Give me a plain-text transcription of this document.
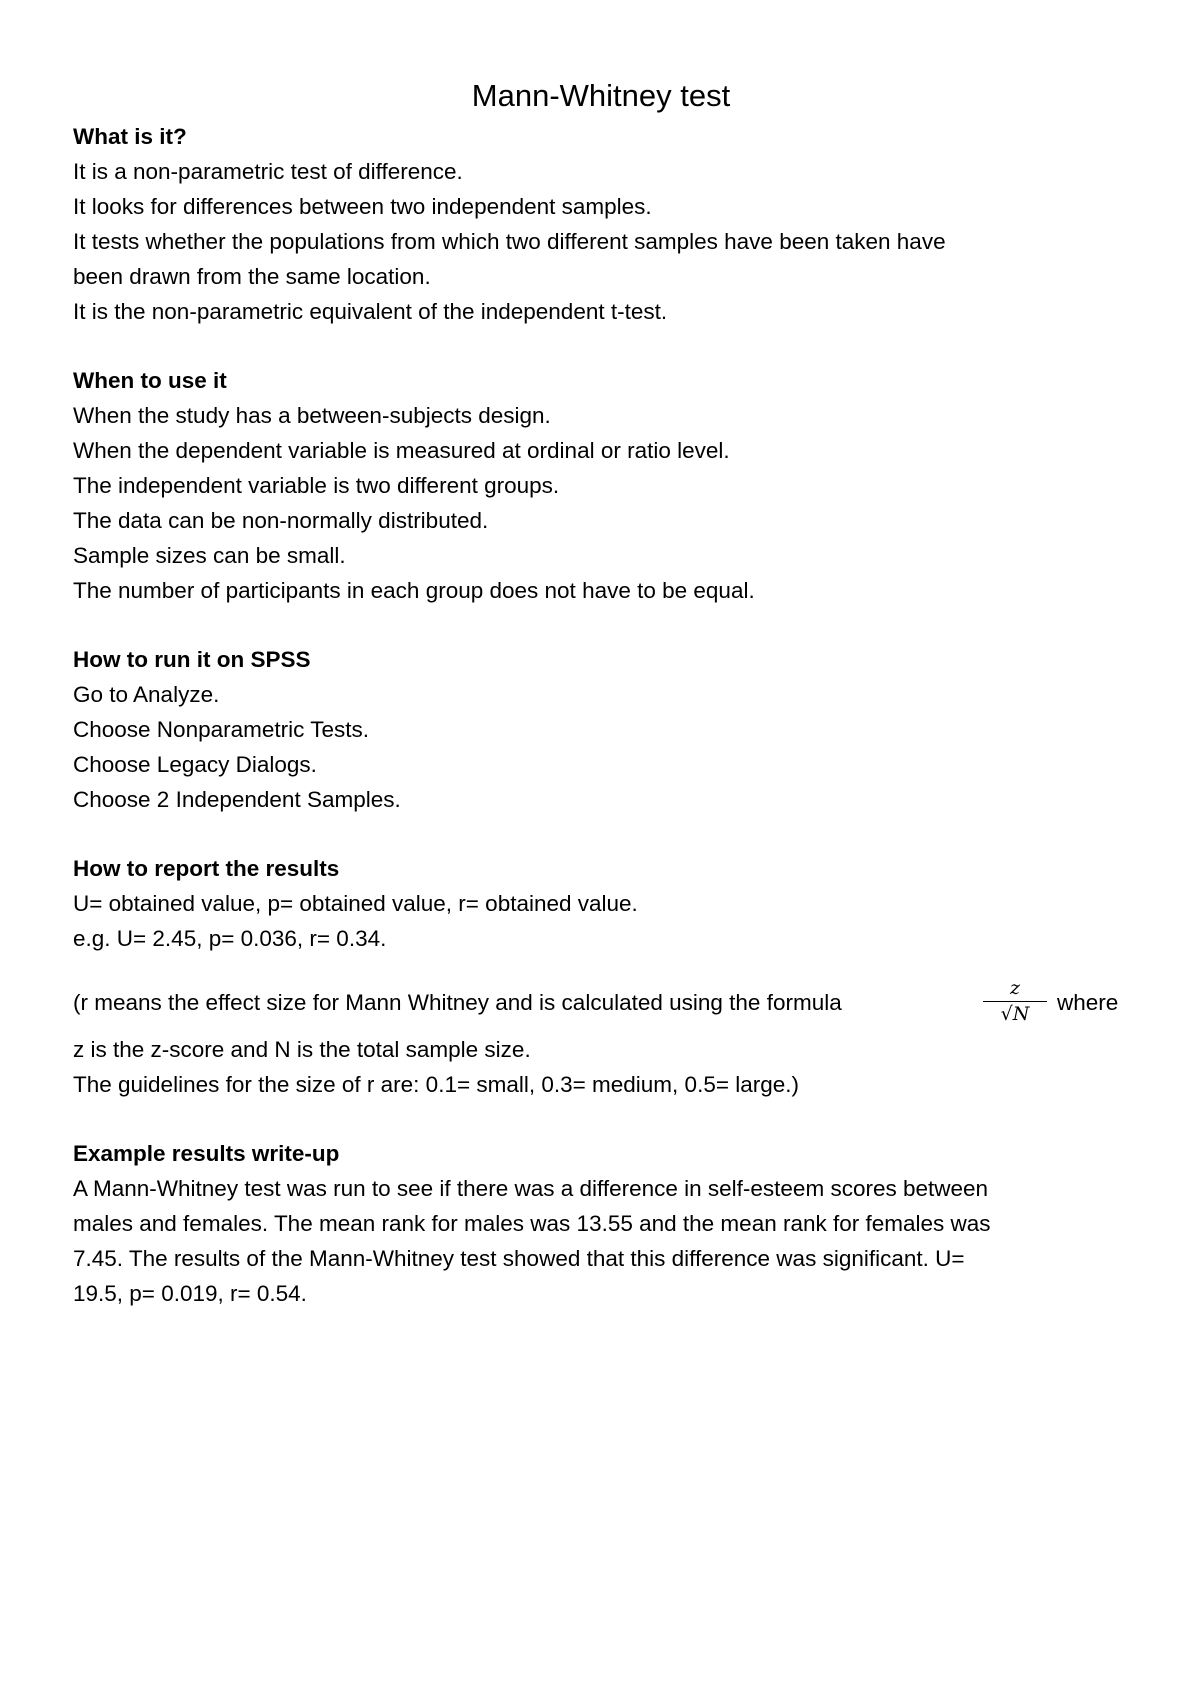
Mann-Whitney test
What is it?
It is a non-parametric test of difference.
It looks for differences between two independent samples.
It tests whether the populations from which two different samples have been taken have
been drawn from the same location.
It is the non-parametric equivalent of the independent t-test.
When to use it
When the study has a between-subjects design.
When the dependent variable is measured at ordinal or ratio level.
The independent variable is two different groups.
The data can be non-normally distributed.
Sample sizes can be small.
The number of participants in each group does not have to be equal.
How to run it on SPSS
Go to Analyze.
Choose Nonparametric Tests.
Choose Legacy Dialogs.
Choose 2 Independent Samples.
How to report the results
U= obtained value, p= obtained value, r= obtained value.
e.g. U= 2.45, p= 0.036, r= 0.34.
(r means the effect size for Mann Whitney and is calculated using the formula	$\frac{z}{√N}$ where
z is the z-score and N is the total sample size.
The guidelines for the size of r are: 0.1= small, 0.3= medium, 0.5= large.)
Example results write-up
A Mann-Whitney test was run to see if there was a difference in self-esteem scores between
males and females. The mean rank for males was 13.55 and the mean rank for females was
7.45. The results of the Mann-Whitney test showed that this difference was significant. U=
19.5, p= 0.019, r= 0.54.
